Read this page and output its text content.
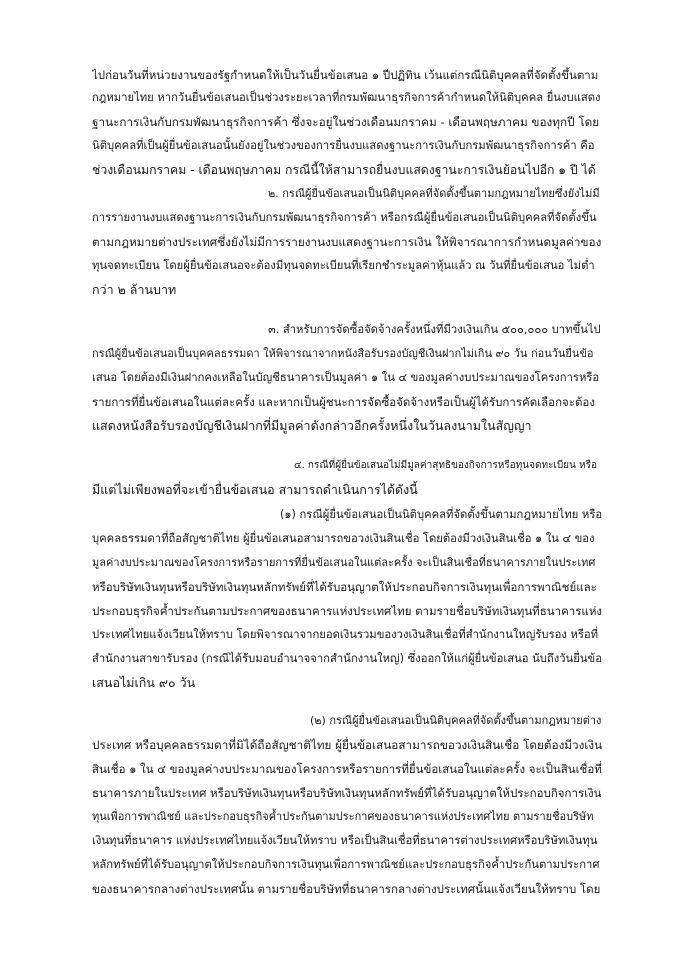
ไปก่อนวันที่หน่วยงานของรัฐกำหนดให้เป็นวันยื่นข้อเสนอ ๑ ปีปฏิทิน เว้นแต่กรณีนิติบุคคลที่จัดตั้งขึ้นตาม
กฎหมายไทย หากวันยื่นข้อเสนอเป็นช่วงระยะเวลาที่กรมพัฒนาธุรกิจการค้ากำหนดให้นิติบุคคล ยื่นงบแสดง
ฐานะการเงินกับกรมพัฒนาธุรกิจการค้า ซึ่งจะอยู่ในช่วงเดือนมกราคม - เดือนพฤษภาคม ของทุกปี โดย
นิติบุคคลที่เป็นผู้ยื่นข้อเสนอนั้นยังอยู่ในช่วงของการยื่นงบแสดงฐานะการเงินกับกรมพัฒนาธุรกิจการค้า คือ
ช่วงเดือนมกราคม - เดือนพฤษภาคม กรณีนี้ให้สามารถยื่นงบแสดงฐานะการเงินย้อนไปอีก ๑ ปี ได้
๒. กรณีผู้ยื่นข้อเสนอเป็นนิติบุคคลที่จัดตั้งขึ้นตามกฎหมายไทยซึ่งยังไม่มี
การรายงานงบแสดงฐานะการเงินกับกรมพัฒนาธุรกิจการค้า หรือกรณีผู้ยื่นข้อเสนอเป็นนิติบุคคลที่จัดตั้งขึ้น
ตามกฎหมายต่างประเทศซึ่งยังไม่มีการรายงานงบแสดงฐานะการเงิน ให้พิจารณาการกำหนดมูลค่าของ
ทุนจดทะเบียน โดยผู้ยื่นข้อเสนอจะต้องมีทุนจดทะเบียนที่เรียกชำระมูลค่าหุ้นแล้ว ณ วันที่ยื่นข้อเสนอ ไม่ต่ำ
กว่า ๒ ล้านบาท
๓. สำหรับการจัดซื้อจัดจ้างครั้งหนึ่งที่มีวงเงินเกิน ๕๐๐,๐๐๐ บาทขึ้นไป
กรณีผู้ยื่นข้อเสนอเป็นบุคคลธรรมดา ให้พิจารณาจากหนังสือรับรองบัญชีเงินฝากไม่เกิน ๙๐ วัน ก่อนวันยื่นข้อ
เสนอ โดยต้องมีเงินฝากคงเหลือในบัญชีธนาคารเป็นมูลค่า ๑ ใน ๔ ของมูลค่างบประมาณของโครงการหรือ
รายการที่ยื่นข้อเสนอในแต่ละครั้ง และหากเป็นผู้ชนะการจัดซื้อจัดจ้างหรือเป็นผู้ได้รับการคัดเลือกจะต้อง
แสดงหนังสือรับรองบัญชีเงินฝากที่มีมูลค่าดังกล่าวอีกครั้งหนึ่งในวันลงนามในสัญญา
๔. กรณีที่ผู้ยื่นข้อเสนอไม่มีมูลค่าสุทธิของกิจการหรือทุนจดทะเบียน หรือ
มีแต่ไม่เพียงพอที่จะเข้ายื่นข้อเสนอ สามารถดำเนินการได้ดังนี้
(๑) กรณีผู้ยื่นข้อเสนอเป็นนิติบุคคลที่จัดตั้งขึ้นตามกฎหมายไทย หรือ
บุคคลธรรมดาที่ถือสัญชาติไทย ผู้ยื่นข้อเสนอสามารถขอวงเงินสินเชื่อ โดยต้องมีวงเงินสินเชื่อ ๑ ใน ๔ ของ
มูลค่างบประมาณของโครงการหรือรายการที่ยื่นข้อเสนอในแต่ละครั้ง จะเป็นสินเชื่อที่ธนาคารภายในประเทศ
หรือบริษัทเงินทุนหรือบริษัทเงินทุนหลักทรัพย์ที่ได้รับอนุญาตให้ประกอบกิจการเงินทุนเพื่อการพาณิชย์และ
ประกอบธุรกิจค้ำประกันตามประกาศของธนาคารแห่งประเทศไทย ตามรายชื่อบริษัทเงินทุนที่ธนาคารแห่ง
ประเทศไทยแจ้งเวียนให้ทราบ โดยพิจารณาจากยอดเงินรวมของวงเงินสินเชื่อที่สำนักงานใหญ่รับรอง หรือที่
สำนักงานสาขารับรอง (กรณีได้รับมอบอำนาจจากสำนักงานใหญ่) ซึ่งออกให้แก่ผู้ยื่นข้อเสนอ นับถึงวันยื่นข้อ
เสนอไม่เกิน ๙๐ วัน
(๒) กรณีผู้ยื่นข้อเสนอเป็นนิติบุคคลที่จัดตั้งขึ้นตามกฎหมายต่าง
ประเทศ หรือบุคคลธรรมดาที่มิได้ถือสัญชาติไทย ผู้ยื่นข้อเสนอสามารถขอวงเงินสินเชื่อ โดยต้องมีวงเงิน
สินเชื่อ ๑ ใน ๔ ของมูลค่างบประมาณของโครงการหรือรายการที่ยื่นข้อเสนอในแต่ละครั้ง จะเป็นสินเชื่อที่
ธนาคารภายในประเทศ หรือบริษัทเงินทุนหรือบริษัทเงินทุนหลักทรัพย์ที่ได้รับอนุญาตให้ประกอบกิจการเงิน
ทุนเพื่อการพาณิชย์ และประกอบธุรกิจค้ำประกันตามประกาศของธนาคารแห่งประเทศไทย ตามรายชื่อบริษัท
เงินทุนที่ธนาคาร แห่งประเทศไทยแจ้งเวียนให้ทราบ หรือเป็นสินเชื่อที่ธนาคารต่างประเทศหรือบริษัทเงินทุน
หลักทรัพย์ที่ได้รับอนุญาตให้ประกอบกิจการเงินทุนเพื่อการพาณิชย์และประกอบธุรกิจค้ำประกันตามประกาศ
ของธนาคารกลางต่างประเทศนั้น ตามรายชื่อบริษัทที่ธนาคารกลางต่างประเทศนั้นแจ้งเวียนให้ทราบ โดย
